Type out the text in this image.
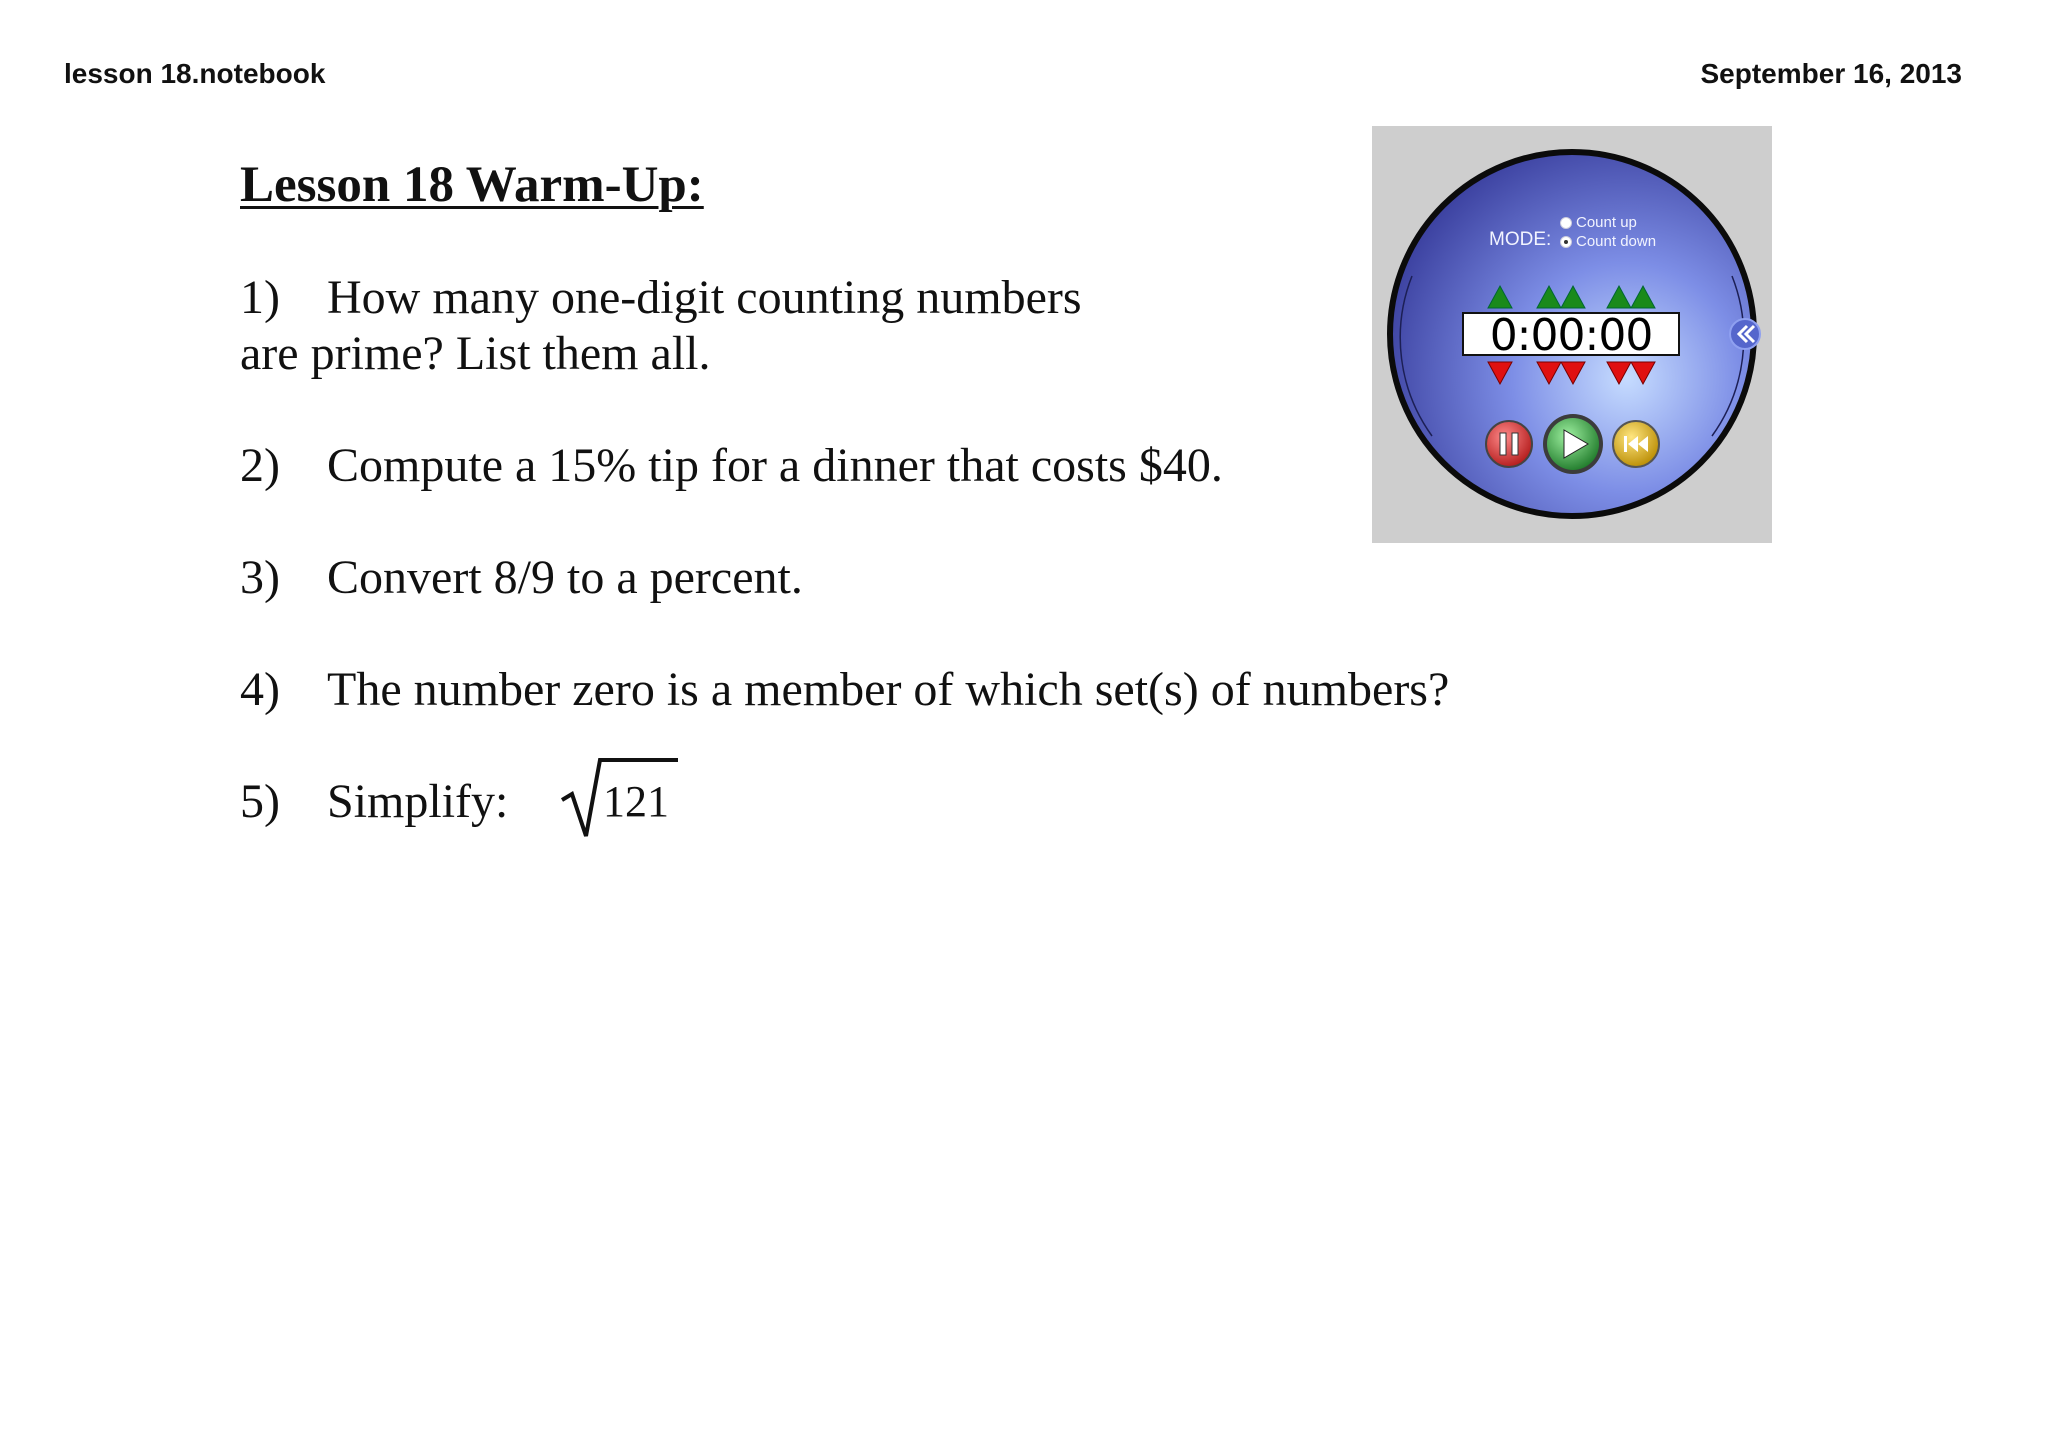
lesson 18.notebook	September 16, 2013
Lesson 18 Warm-Up:
1) How many one-digit counting numbers
are prime? List them all.
2) Compute a 15% tip for a dinner that costs $40.
3) Convert 8/9 to a percent.
4) The number zero is a member of which set(s) of numbers?
5) Simplify: 121
MODE:
Count up
Count down
0:00:00
